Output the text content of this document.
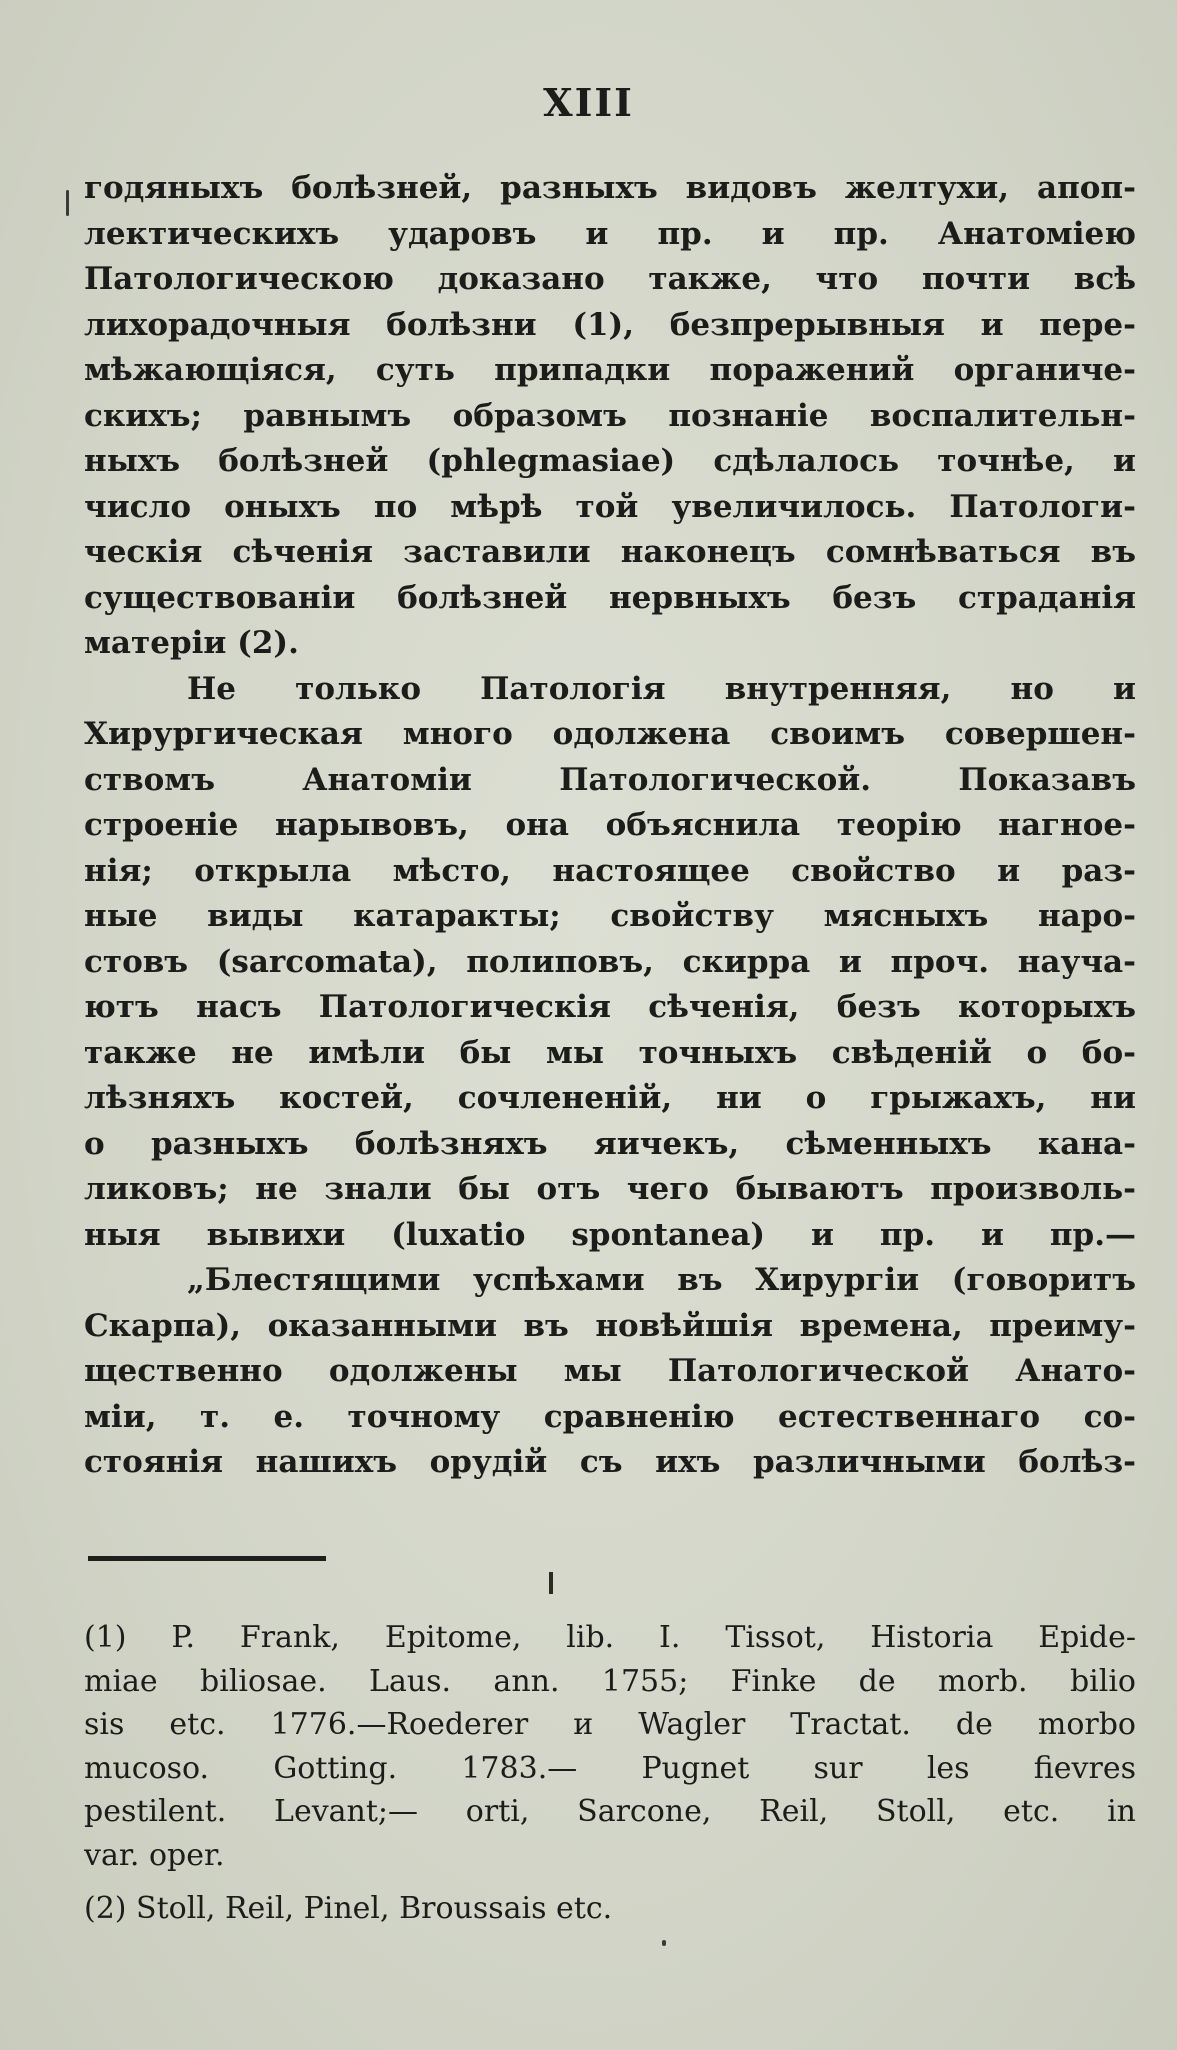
XIII
годяныхъ болѣзней, разныхъ видовъ желтухи, апоп-
лектическихъ ударовъ и пр. и пр. Анатоміею
Патологическою доказано также, что почти всѣ
лихорадочныя болѣзни (1), безпрерывныя и пере-
мѣжающіяся, суть припадки поражений органиче-
скихъ; равнымъ образомъ познаніе воспалительн-
ныхъ болѣзней (phlegmasiae) сдѣлалось точнѣе, и
число оныхъ по мѣрѣ той увеличилось. Патологи-
ческія сѣченія заставили наконецъ сомнѣваться въ
существованіи болѣзней нервныхъ безъ страданія
матеріи (2).
Не только Патологія внутренняя, но и
Хирургическая много одолжена своимъ совершен-
ствомъ Анатоміи Патологической. Показавъ
строеніе нарывовъ, она объяснила теорію нагное-
нія; открыла мѣсто, настоящее свойство и раз-
ные виды катаракты; свойству мясныхъ наро-
стовъ (sarcomata), полиповъ, скирра и проч. научa-
ютъ насъ Патологическія сѣченія, безъ которыхъ
также не имѣли бы мы точныхъ свѣденій о бо-
лѣзняхъ костей, сочлененій, ни о грыжахъ, ни
о разныхъ болѣзняхъ яичекъ, сѣменныхъ кана-
ликовъ; не знали бы отъ чего бываютъ произволь-
ныя вывихи (luxatio spontanea) и пр. и пр.—
„Блестящими успѣхами въ Хирургіи (говоритъ
Скарпа), оказанными въ новѣйшія времена, преиму-
щественно одолжены мы Патологической Анато-
міи, т. е. точному сравненію естественнаго со-
стоянія нашихъ орудій съ ихъ различными болѣз-
(1) P. Frank, Epitome, lib. I. Tissot, Historia Epide-
miae biliosae. Laus. ann. 1755; Finke de morb. bilio
sis etc. 1776.—Roederer и Wagler Tractat. de morbo
mucoso. Gotting. 1783.— Pugnet sur les fievres
pestilent. Levant;— orti, Sarcone, Reil, Stoll, etc. in
var. oper.
(2) Stoll, Reil, Pinel, Broussais etc.
